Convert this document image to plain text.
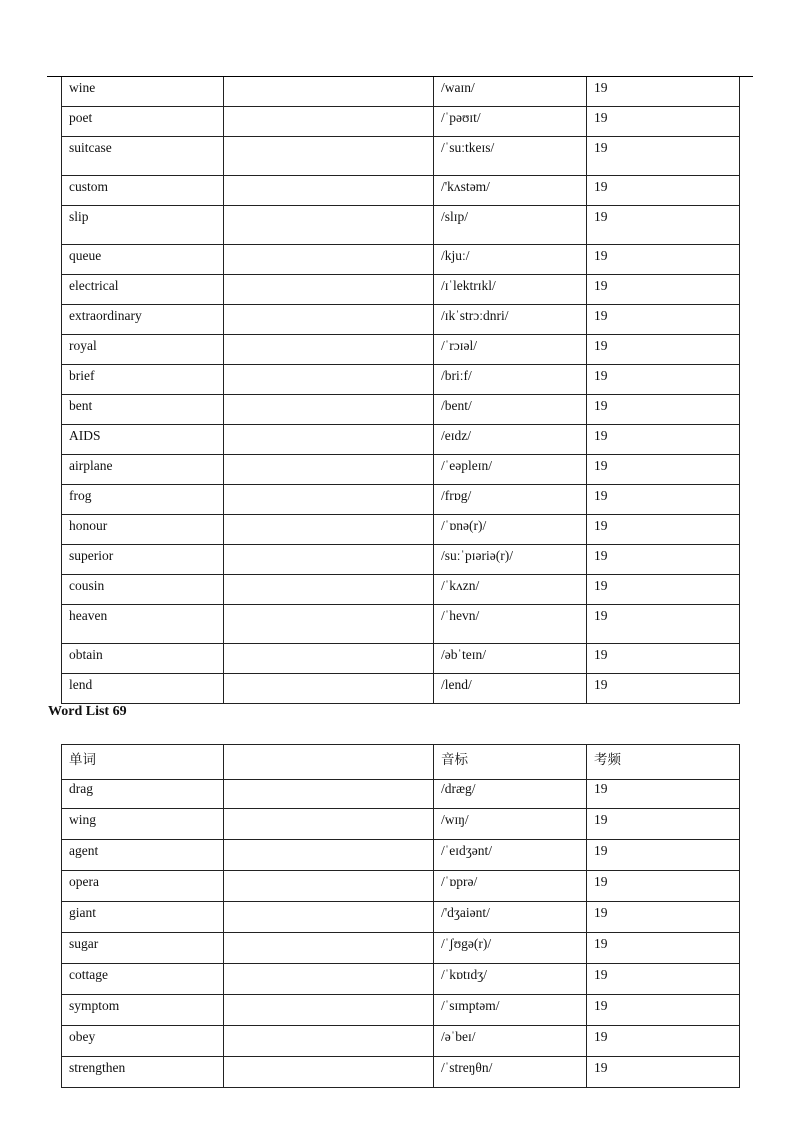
wine		/waɪn/	19
poet		/ˈpəʊɪt/	19
suitcase		/ˈsuːtkeɪs/	19
custom		/'kʌstəm/	19
slip		/slɪp/	19
queue		/kjuː/	19
electrical		/ɪˈlektrɪkl/	19
extraordinary		/ɪkˈstrɔːdnri/	19
royal		/ˈrɔɪəl/	19
brief		/briːf/	19
bent		/bent/	19
AIDS		/eɪdz/	19
airplane		/ˈeəpleɪn/	19
frog		/frɒg/	19
honour		/ˈɒnə(r)/	19
superior		/suːˈpɪəriə(r)/	19
cousin		/ˈkʌzn/	19
heaven		/ˈhevn/	19
obtain		/əbˈteɪn/	19
lend		/lend/	19
Word List 69
单词		音标	考频
drag		/dræg/	19
wing		/wɪŋ/	19
agent		/ˈeɪdʒənt/	19
opera		/ˈɒprə/	19
giant		/'dʒaiənt/	19
sugar		/ˈʃʊgə(r)/	19
cottage		/ˈkɒtɪdʒ/	19
symptom		/ˈsɪmptəm/	19
obey		/əˈbeɪ/	19
strengthen		/ˈstreŋθn/	19
